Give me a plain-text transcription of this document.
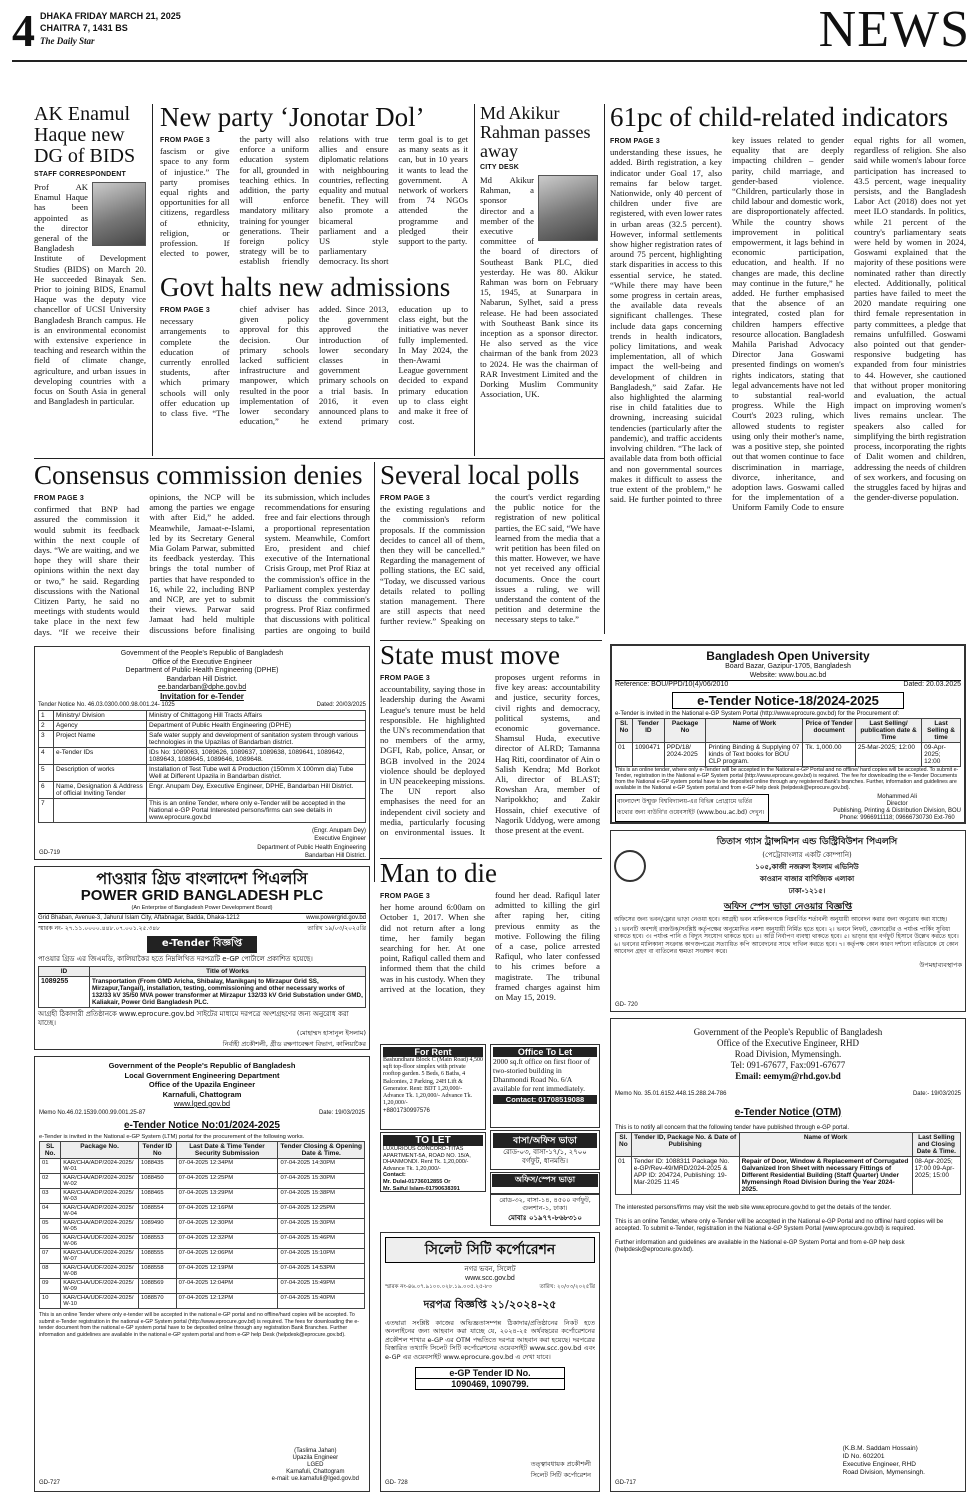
4 DHAKA FRIDAY MARCH 21, 2025
CHAITRA 7, 1431 BS
The Daily Star	NEWS
AK Enamul Haque new DG of BIDS
STAFF CORRESPONDENT
Prof AK Enamul Haque has been appointed as the director general of the Bangladesh Institute of Development Studies (BIDS) on March 20. He succeeded Binayak Sen. Prior to joining BIDS, Enamul Haque was the deputy vice chancellor of UCSI University Bangladesh Branch campus. He is an environmental economist with extensive experience in teaching and research within the field of climate change, agriculture, and urban issues in developing countries with a focus on South Asia in general and Bangladesh in particular.
New party ‘Jonotar Dol’
FROM PAGE 3
fascism or give space to any form of injustice.” The party promises equal rights and opportunities for all citizens, regardless of ethnicity, religion, or profession. If elected to power, the party will also enforce a uniform education system for all, grounded in teaching ethics. In addition, the party will enforce mandatory military training for younger generations. Their foreign policy strategy will be to establish friendly relations with true allies and ensure diplomatic relations with neighbouring countries, reflecting equality and mutual benefit. They will also promote a bicameral parliament and a US style parliamentary democracy. Its short term goal is to get as many seats as it can, but in 10 years it wants to lead the government. A network of workers from 74 NGOs attended the programme and pledged their support to the party.
Govt halts new admissions
FROM PAGE 3
necessary arrangements to complete the education of currently enrolled students, after which primary schools will only offer education up to class five. “The chief adviser has given policy approval for this decision. Our primary schools lacked sufficient infrastructure and manpower, which resulted in the poor implementation of lower secondary education,” he added. Since 2013, the government approved the introduction of lower secondary classes in government primary schools on a trial basis. In 2016, it even announced plans to extend primary education up to class eight, but the initiative was never fully implemented. In May 2024, the then-Awami League government decided to expand primary education up to class eight and make it free of cost.
Md Akikur Rahman passes away
CITY DESK
Md Akikur Rahman, a sponsor director and a member of the executive committee of the board of directors of Southeast Bank PLC, died yesterday. He was 80. Akikur Rahman was born on February 15, 1945, at Sunarpara in Nabarun, Sylhet, said a press release. He had been associated with Southeast Bank since its inception as a sponsor director. He also served as the vice chairman of the bank from 2023 to 2024. He was the chairman of RAR Investment Limited and the Dorking Muslim Community Association, UK.
61pc of child-related indicators
FROM PAGE 3
understanding these issues, he added. Birth registration, a key indicator under Goal 17, also remains far below target. Nationwide, only 40 percent of children under five are registered, with even lower rates in urban areas (32.5 percent). However, informal settlements show higher registration rates of around 75 percent, highlighting stark disparities in access to this essential service, he stated. “While there may have been some progress in certain areas, the available data reveals significant challenges. These include data gaps concerning trends in health indicators, policy limitations, and weak implementation, all of which impact the well-being and development of children in Bangladesh,” said Zafar. He also highlighted the alarming rise in child fatalities due to drowning, increasing suicidal tendencies (particularly after the pandemic), and traffic accidents involving children. “The lack of available data from both official and non governmental sources makes it difficult to assess the true extent of the problem,” he said. He further pointed to three key issues related to gender equality that are deeply impacting children – gender parity, child marriage, and gender-based violence. “Children, particularly those in child labour and domestic work, are disproportionately affected. While the country shows improvement in political empowerment, it lags behind in economic participation, education, and health. If no changes are made, this decline may continue in the future,” he added. He further emphasised that the absence of an integrated, costed plan for children hampers effective resource allocation. Bangladesh Mahila Parishad Advocacy Director Jana Goswami presented findings on women's rights indicators, stating that legal advancements have not led to substantial real-world progress. While the High Court's 2023 ruling, which allowed students to register using only their mother's name, was a positive step, she pointed out that women continue to face discrimination in marriage, divorce, inheritance, and adoption laws. Goswami called for the implementation of a Uniform Family Code to ensure equal rights for all women, regardless of religion. She also said while women's labour force participation has increased to 43.5 percent, wage inequality persists, and the Bangladesh Labor Act (2018) does not yet meet ILO standards. In politics, while 21 percent of the country's parliamentary seats were held by women in 2024, Goswami explained that the majority of these positions were nominated rather than directly elected. Additionally, political parties have failed to meet the 2020 mandate requiring one third female representation in party committees, a pledge that remains unfulfilled. Goswami also pointed out that gender-responsive budgeting has expanded from four ministries to 44. However, she cautioned that without proper monitoring and evaluation, the actual impact on improving women's lives remains unclear. The speakers also called for simplifying the birth registration process, incorporating the rights of Dalit women and children, addressing the needs of children of sex workers, and focusing on the struggles faced by hijras and the gender-diverse population.
Consensus commission denies
FROM PAGE 3
confirmed that BNP had assured the commission it would submit its feedback within the next couple of days. “We are waiting, and we hope they will share their opinions within the next day or two,” he said. Regarding discussions with the National Citizen Party, he said no meetings with students would take place in the next few days. “If we receive their opinions, the NCP will be among the parties we engage with after Eid,” he added. Meanwhile, Jamaat-e-Islami, led by its Secretary General Mia Golam Parwar, submitted its feedback yesterday. This brings the total number of parties that have responded to 16, while 22, including BNP and NCP, are yet to submit their views. Parwar said Jamaat had held multiple discussions before finalising its submission, which includes recommendations for ensuring free and fair elections through a proportional representation system. Meanwhile, Comfort Ero, president and chief executive of the International Crisis Group, met Prof Riaz at the commission's office in the Parliament complex yesterday to discuss the commission's progress. Prof Riaz confirmed that discussions with political parties are ongoing to build
Several local polls
FROM PAGE 3
the existing regulations and the commission's reform proposals. If the commission decides to cancel all of them, then they will be cancelled.” Regarding the management of polling stations, the EC said, “Today, we discussed various details related to polling station management. There are still aspects that need further review.” Speaking on the court's verdict regarding the public notice for the registration of new political parties, the EC said, “We have learned from the media that a writ petition has been filed on this matter. However, we have not yet received any official documents. Once the court issues a ruling, we will understand the content of the petition and determine the necessary steps to take.”
State must move
FROM PAGE 3
accountability, saying those in leadership during the Awami League's tenure must be held responsible. He highlighted the UN's recommendation that no members of the army, DGFI, Rab, police, Ansar, or BGB involved in the 2024 violence should be deployed in UN peacekeeping missions. The UN report also emphasises the need for an independent civil society and media, particularly focusing on environmental issues. It proposes urgent reforms in five key areas: accountability and justice, security forces, civil rights and democracy, political systems, and economic governance. Shamsul Huda, executive director of ALRD; Tamanna Haq Riti, coordinator of Ain o Salish Kendra; Md Borkot Ali, director of BLAST; Rowshan Ara, member of Naripokkho; and Zakir Hossain, chief executive of Nagorik Uddyog, were among those present at the event.
Man to die
FROM PAGE 3
her home around 6:00am on October 1, 2017. When she did not return after a long time, her family began searching for her. At one point, Rafiqul called them and informed them that the child was in his custody. When they arrived at the location, they found her dead. Rafiqul later admitted to killing the girl after raping her, citing previous enmity as the motive. Following the filing of a case, police arrested Rafiqul, who later confessed to his crimes before a magistrate. The tribunal framed charges against him on May 15, 2019.
Government of the People's Republic of Bangladesh
Office of the Executive Engineer
Department of Public Health Engineering (DPHE)
Bandarban Hill District.
ee.bandarban@dphe.gov.bd
Invitation for e-Tender
Tender Notice No. 46.03.0300.000.98.001.24- 1025	Dated: 20/03/2025
1	Ministry/ Division	Ministry of Chittagong Hill Tracts Affairs
2	Agency	Department of Public Health Engineering (DPHE)
3	Project Name	Safe water supply and development of sanitation system through various technologies in the Upazilas of Bandarban district.
4	e-Tender IDs	IDs No: 1089063, 1089626, 1089637, 1089638, 1089641, 1089642, 1089643, 1089645, 1089646, 1089648.
5	Description of works	Installation of Test Tube well & Production (150mm X 100mm dia) Tube Well at Different Upazila in Bandarban district.
6	Name, Designation & Address of official Inviting Tender	Engr. Anupam Dey, Executive Engineer, DPHE, Bandarban Hill District.
7		This is an online Tender, where only e-Tender will be accepted in the National e-GP Portal Interested persons/firms can see details in www.eprocure.gov.bd
(Engr. Anupam Dey)
Executive Engineer
Department of Public Health Engineering
Bandarban Hill District.
GD-719
পাওয়ার গ্রিড বাংলাদেশ পিএলসি
POWER GRID BANGLADESH PLC
(An Enterprise of Bangladesh Power Development Board)
Grid Bhaban, Avenue-3, Jahurul Islam City, Aftabnagar, Badda, Dhaka-1212	www.powergrid.gov.bd
স্মারক নং- ২৭.১১.০০০০.৪৪৮.০৭.০০১.২৫.৩৪৮	তারিখ ১৯/০৩/২০২৫খ্রি
e-Tender বিজ্ঞপ্তি
পাওয়ার গ্রিড এর জিএমডি, কালিয়াকৈর হতে নিম্নলিখিত দরপত্রটি e-GP পোর্টালে প্রকাশিত হয়েছে।
ID	Title of Works
1089255	Transportation (From GMD Aricha, Shibalay, Manikganj to Mirzapur Grid SS, Mirzapur,Tangail), installation, testing, commissioning and other necessary works of 132/33 kV 35/50 MVA power transformer at Mirzapur 132/33 kV Grid Substation under GMD, Kaliakair, Power Grid Bangladesh PLC.
আগ্রহী ঠিকাদারী প্রতিষ্ঠানকে www.eprocure.gov.bd সাইটের মাধ্যমে দরপত্রে অংশগ্রহণের জন্য অনুরোধ করা যাচ্ছে।
(মোহাম্মদ হাসানুল ইসলাম)
নির্বাহী প্রকৌশলী, গ্রীড রক্ষণাবেক্ষণ বিভাগ, কালিয়াকৈর
Bangladesh Open University
Board Bazar, Gazipur-1705, Bangladesh
Website: www.bou.ac.bd
Reference: BOU/PPD/10(4)/06/2010	Dated: 20.03.2025
e-Tender Notice-18/2024-2025
e-Tender is invited in the National e-GP System Portal (http://www.eprocure.gov.bd) for the Procurement of:
Sl. No	Tender ID	Package No	Name of Work	Price of Tender document	Last Selling/ publication date & Time	Last Selling & time
01	1090471	PPD/18/ 2024-2025	Printing Binding & Supplying 07 kinds of Text books for BOU CLP program.	Tk. 1,000.00	25-Mar-2025; 12:00	09-Apr-2025; 12:00
This is an online tender, where only e-Tender will be accepted in the National e-GP Portal and no offline/ hard copies will be accepted. To submit e-Tender, registration in the National e-GP System portal (http://www.eprocure.gov.bd) is required. The fee for downloading the e-Tender Documents from the National e-GP system portal have to be deposited online through any registered Bank's branches. Further, information and guidelines are available in the National e-GP System portal and from e-GP help desk (helpdesk@eprocure.gov.bd).
বাংলাদেশ উন্মুক্ত বিশ্ববিদ্যালয়-এর বিভিন্ন প্রোগ্রামে ভর্তির তথ্যের জন্য বাউবি'র ওয়েবসাইট (www.bou.ac.bd) দেখুন।
Mohammed Ali
Director
Publishing, Printing & Distribution Division, BOU
Phone: 9966911118; 09666730730 Ext-760
তিতাস গ্যাস ট্রান্সমিশন এন্ড ডিস্ট্রিবিউশন পিএলসি
(পেট্রোবাংলার একটি কোম্পানি)
১০৫,কাজী নজরুল ইসলাম এভিনিউ
কাওরান বাজার বাণিজ্যিক এলাকা
ঢাকা-১২১৫।
অফিস স্পেস ভাড়া নেওয়ার বিজ্ঞপ্তি
অফিসের জন্য ভবন/ফ্লোর ভাড়া নেওয়া হবে। আগ্রহী ভবন মালিকগণকে নিম্নবর্ণিত শর্তাবলী অনুযায়ী আবেদন করার জন্য অনুরোধ করা যাচ্ছে।
১। ভবনটি অবশ্যই রাজউক/সংশ্লিষ্ট কর্তৃপক্ষের অনুমোদিত নকশা অনুযায়ী নির্মিত হতে হবে। ২। ভবনে লিফট, জেনারেটর ও পর্যাপ্ত পার্কিং সুবিধা থাকতে হবে। ৩। পর্যাপ্ত পানি ও বিদ্যুৎ সংযোগ থাকতে হবে। ৪। অগ্নি নির্বাপণ ব্যবস্থা থাকতে হবে। ৫। ভাড়ার হার বর্গফুট হিসাবে উল্লেখ করতে হবে। ৬। ভবনের মালিকানা সংক্রান্ত কাগজপত্রের সত্যায়িত কপি আবেদনের সাথে দাখিল করতে হবে। ৭। কর্তৃপক্ষ কোন কারণ দর্শানো ব্যতিরেকে যে কোন আবেদন গ্রহণ বা বাতিলের ক্ষমতা সংরক্ষণ করে।
উপমহাব্যবস্থাপক
GD- 720
Government of the People's Republic of Bangladesh
Local Government Engineering Department
Office of the Upazila Engineer
Karnafuli, Chattogram
www.lged.gov.bd
Memo No.46.02.1539.000.99.001.25-87	Date: 19/03/2025
e-Tender Notice No:01/2024-2025
e-Tender is invited in the National e-GP System (LTM) portal for the procurement of the following works.
SL No.	Package No.	Tender ID No	Last Date & Time Tender Security Submission	Tender Closing & Opening Date & Time.
01	KAR/CHA/ADP/2024-2025/ W-01	1088435	07-04-2025 12:34PM	07-04-2025 14:30PM
02	KAR/CHA/ADP/2024-2025/ W-02	1088450	07-04-2025 12:25PM	07-04-2025 15:30PM
03	KAR/CHA/ADP/2024-2025/ W-03	1088465	07-04-2025 13:29PM	07-04-2025 15:38PM
04	KAR/CHA/ADP/2024-2025/ W-04	1088554	07-04-2025 12:16PM	07-04-2025 12:25PM
05	KAR/CHA/ADP/2024-2025/ W-05	1089490	07-04-2025 12:30PM	07-04-2025 15:30PM
06	KAR/CHA/UDF/2024-2025/ W-06	1088553	07-04-2025 12:32PM	07-04-2025 15:46PM
07	KAR/CHA/UDF/2024-2025/ W-07	1088555	07-04-2025 12:06PM	07-04-2025 15:10PM
08	KAR/CHA/UDF/2024-2025/ W-08	1088558	07-04-2025 12:19PM	07-04-2025 14:53PM
09	KAR/CHA/UDF/2024-2025/ W-09	1088569	07-04-2025 12:04PM	07-04-2025 15:49PM
10	KAR/CHA/UDF/2024-2025/ W-10	1088570	07-04-2025 12:12PM	07-04-2025 15:40PM
This is an online Tender where only e-tender will be accepted in the national e-GP portal and no offline/hard copies will be accepted. To submit e-Tender registration in the national e-GP System portal (http://www.eprocure.gov.bd) is required. The fees for downloading the e-tender document from the national e-GP system portal have to be deposited online through any registration Bank Branches. Further information and guidelines are available in the national e-GP system portal and from e-GP help Desk (helpdesk@eprocure.gov.bd).
(Taslima Jahan)
Upazila Engineer
LGED
Karnafuli, Chattogram
e-mail: ue.karnafuli@lged.gov.bd
GD-727
Office To Let
2000 sq.ft office on first floor of two-storied building in Dhanmondi Road No. 6/A available for rent immediately.
Contact: 01708519088
For Rent
Bashundhara Block C (Main Road) 4,500 sqft top-floor simplex with private rooftop garden. 5 Beds, 6 Baths, 4 Balconies, 2 Parking, 24H Lift & Generator. Rent: BDT 1,20,000/- Advance Tk. 1,20,000/- Advance Tk. 1,20,000/-
+8801730997576
TO LET
LUXURIOUS CONCORD-TITAS APARTMENT-5A, ROAD NO. 15/A, DHANMONDI. Rent Tk. 1,20,000/- Advance Tk. 1,20,000/-
Contact:
Mr. Dulal-01736012855 Or
Mr. Saiful Islam-01790638391
বাসা/অফিস ভাড়া
রোড-০৩, বাসা-১৭/১, ২৭০০ বর্গফুট, ধানমন্ডি।
অফিস/স্পেস ভাড়া
রোড-৩২, বাসা-১৪, ৪৫০০ বর্গফুট, গুলশান-১, ঢাকা।
মোবাঃ ০১৯৭৭-৮৬৮৩১০
সিলেট সিটি কর্পোরেশন
নগর ভবন, সিলেট
www.scc.gov.bd
স্মারক নং-৪৬.০৭.৯১০০.০২৮.১৯.০০৫.২৫-৮৩	তারিখ: ২০/০৩/২০২৫খ্রি
দরপত্র বিজ্ঞপ্তি ২১/২০২৪-২৫
এতদ্বারা সংশ্লিষ্ট কাজের অভিজ্ঞতাসম্পন্ন ঠিকাদার/প্রতিষ্ঠানের নিকট হতে অনলাইনের জন্য আহবান করা যাচ্ছে যে, ২০২৪-২৫ অর্থবছরের কর্পোরেশনের প্রকৌশল শাখার e-GP এর OTM পদ্ধতিতে দরপত্র আহবান করা হয়েছে। দরপত্রের বিস্তারিত তথ্যাদি সিলেট সিটি কর্পোরেশনের ওয়েবসাইট www.scc.gov.bd এবং e-GP এর ওয়েবসাইট www.eprocure.gov.bd এ দেখা যাবে।
e-GP Tender ID No.
1090469, 1090799.
তত্ত্বাবধায়ক প্রকৌশলী
সিলেট সিটি কর্পোরেশন
GD- 728
Government of the People's Republic of Bangladesh
Office of the Executive Engineer, RHD
Road Division, Mymensingh.
Tel: 091-67677, Fax:091-67677
Email: eemym@rhd.gov.bd
Memo No. 35.01.6152.448.15.288.24-786	Date:- 19/03/2025
e-Tender Notice (OTM)
This is to notify all concern that the following tender have published through e-GP portal.
Sl. No	Tender ID, Package No. & Date of Publishing	Name of Work	Last Selling and Closing Date & Time.
01	Tender ID: 1088311 Package No. e-GP/Rev-49/MRD/2024-2025 & APP ID: 204724, Publishing: 19-Mar-2025 11:45	Repair of Door, Window & Replacement of Corrugated Galvanized Iron Sheet with necessary Fittings of Different Residential Building (Staff Quarter) Under Mymensingh Road Division During the Year 2024-2025.	08-Apr-2025; 17:00 09-Apr-2025; 15:00
The interested persons/firms may visit the web site www.eprocure.gov.bd to get the details of the tender.
This is an online Tender, where only e-Tender will be accepted in the National e-GP Portal and no offline/ hard copies will be accepted. To submit e-Tender, registration in the National e-GP System Portal (www.eprocure.gov.bd) is required.
Further information and guidelines are available in the National e-GP System Portal and from e-GP help desk (helpdesk@eprocure.gov.bd).
(K.B.M. Saddam Hossain)
ID No. 602201
Executive Engineer, RHD
Road Division, Mymensingh.
GD-717
